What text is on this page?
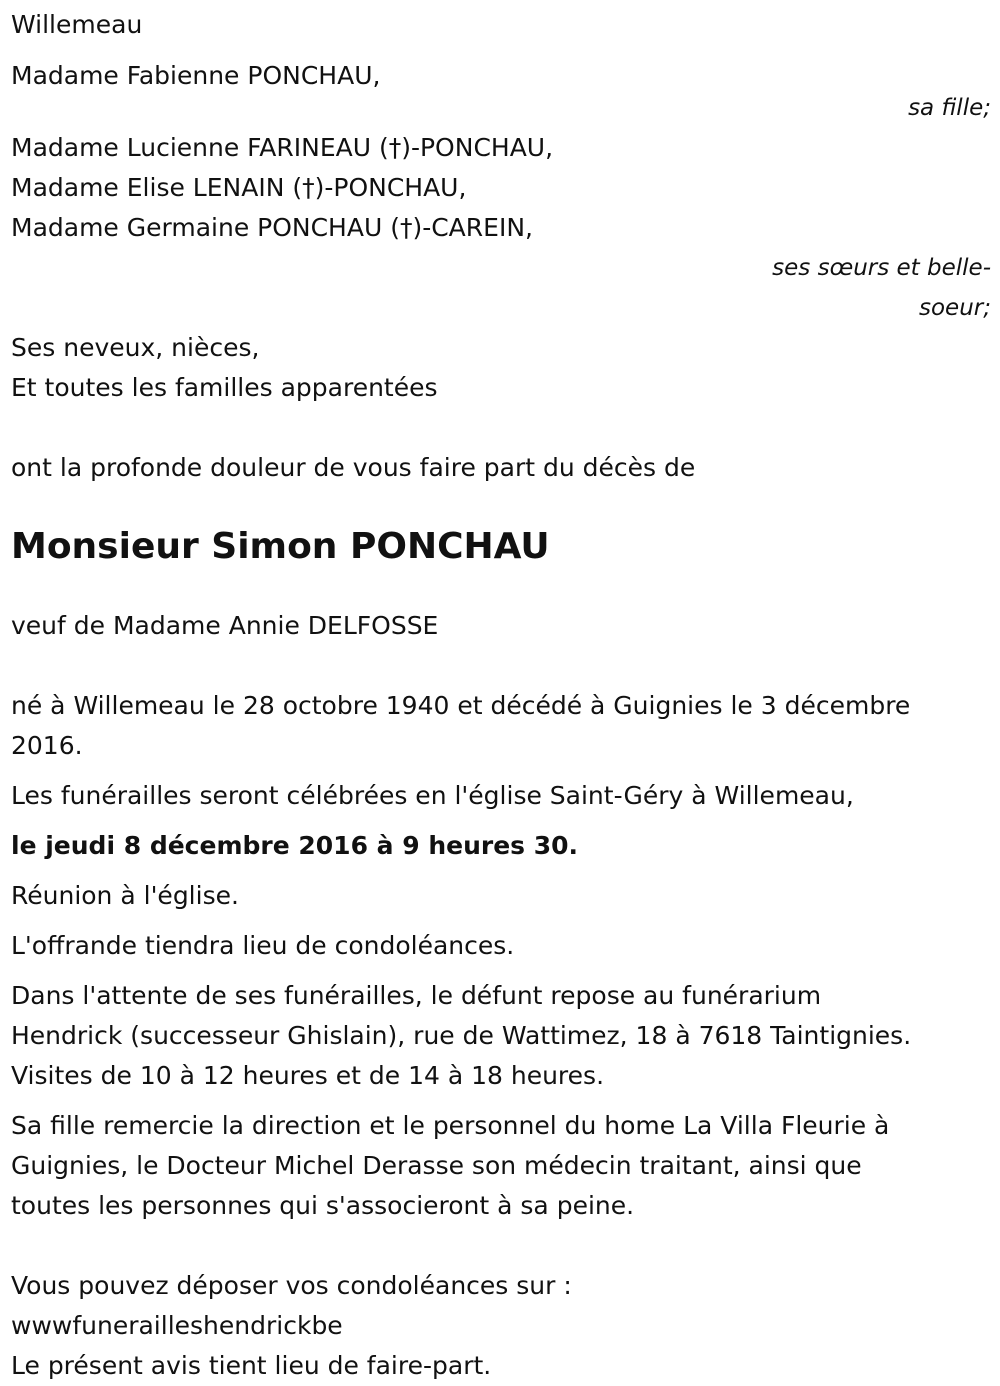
Willemeau
Madame Fabienne PONCHAU,
sa fille;
Madame Lucienne FARINEAU (†)-PONCHAU,
Madame Elise LENAIN (†)-PONCHAU,
Madame Germaine PONCHAU (†)-CAREIN,
ses sœurs et belle-
soeur;
Ses neveux, nièces,
Et toutes les familles apparentées
ont la profonde douleur de vous faire part du décès de
Monsieur Simon PONCHAU
veuf de Madame Annie DELFOSSE
né à Willemeau le 28 octobre 1940 et décédé à Guignies le 3 décembre
2016.
Les funérailles seront célébrées en l'église Saint-Géry à Willemeau,
le jeudi 8 décembre 2016 à 9 heures 30.
Réunion à l'église.
L'offrande tiendra lieu de condoléances.
Dans l'attente de ses funérailles, le défunt repose au funérarium
Hendrick (successeur Ghislain), rue de Wattimez, 18 à 7618 Taintignies.
Visites de 10 à 12 heures et de 14 à 18 heures.
Sa fille remercie la direction et le personnel du home La Villa Fleurie à
Guignies, le Docteur Michel Derasse son médecin traitant, ainsi que
toutes les personnes qui s'associeront à sa peine.
Vous pouvez déposer vos condoléances sur :
wwwfunerailleshendrickbe
Le présent avis tient lieu de faire-part.
